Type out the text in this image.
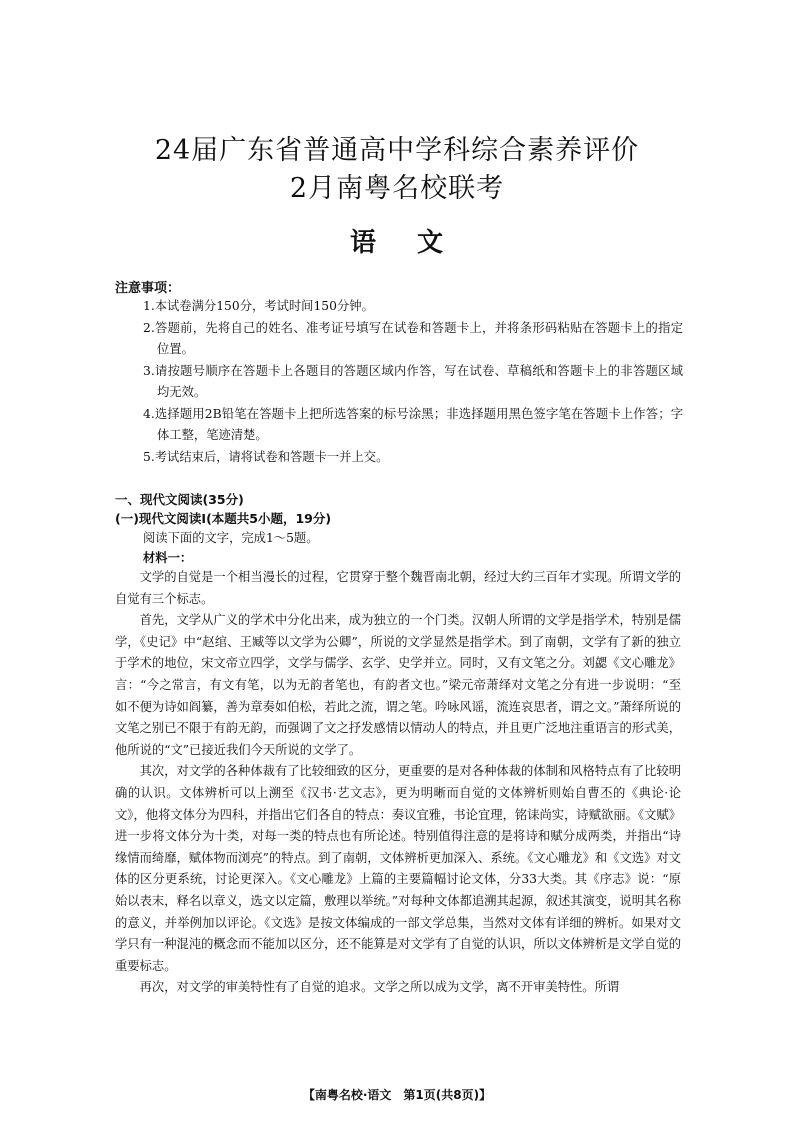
24届广东省普通高中学科综合素养评价
2月南粤名校联考
语 文
注意事项：

1.本试卷满分150分，考试时间150分钟。

2.答题前，先将自己的姓名、准考证号填写在试卷和答题卡上，并将条形码粘贴在答题卡上的指定位置。

3.请按题号顺序在答题卡上各题目的答题区域内作答，写在试卷、草稿纸和答题卡上的非答题区域均无效。

4.选择题用2B铅笔在答题卡上把所选答案的标号涂黑；非选择题用黑色签字笔在答题卡上作答；字体工整，笔迹清楚。

5.考试结束后，请将试卷和答题卡一并上交。

一、现代文阅读(35分)
(一)现代文阅读Ⅰ(本题共5小题，19分)
阅读下面的文字，完成1～5题。
材料一：

文学的自觉是一个相当漫长的过程，它贯穿于整个魏晋南北朝，经过大约三百年才实现。所谓文学的自觉有三个标志。

首先，文学从广义的学术中分化出来，成为独立的一个门类。汉朝人所谓的文学是指学术，特别是儒学，《史记》中“赵绾、王臧等以文学为公卿”，所说的文学显然是指学术。到了南朝，文学有了新的独立于学术的地位，宋文帝立四学，文学与儒学、玄学、史学并立。同时，又有文笔之分。刘勰《文心雕龙》言：“今之常言，有文有笔，以为无韵者笔也，有韵者文也。”梁元帝萧绎对文笔之分有进一步说明：“至如不便为诗如阎纂，善为章奏如伯松，若此之流，谓之笔。吟咏风谣，流连哀思者，谓之文。”萧绎所说的文笔之别已不限于有韵无韵，而强调了文之抒发感情以情动人的特点，并且更广泛地注重语言的形式美，他所说的“文”已接近我们今天所说的文学了。

其次，对文学的各种体裁有了比较细致的区分，更重要的是对各种体裁的体制和风格特点有了比较明确的认识。文体辨析可以上溯至《汉书·艺文志》，更为明晰而自觉的文体辨析则始自曹丕的《典论·论文》，他将文体分为四科，并指出它们各自的特点：奏议宜雅，书论宜理，铭诔尚实，诗赋欲丽。《文赋》进一步将文体分为十类，对每一类的特点也有所论述。特别值得注意的是将诗和赋分成两类，并指出“诗缘情而绮靡，赋体物而浏亮”的特点。到了南朝，文体辨析更加深入、系统。《文心雕龙》和《文选》对文体的区分更系统，讨论更深入。《文心雕龙》上篇的主要篇幅讨论文体，分33大类。其《序志》说：“原始以表末，释名以章义，选文以定篇，敷理以举统。”对每种文体都追溯其起源，叙述其演变，说明其名称的意义，并举例加以评论。《文选》是按文体编成的一部文学总集，当然对文体有详细的辨析。如果对文学只有一种混沌的概念而不能加以区分，还不能算是对文学有了自觉的认识，所以文体辨析是文学自觉的重要标志。

再次，对文学的审美特性有了自觉的追求。文学之所以成为文学，离不开审美特性。所谓

【南粤名校·语文　第1页(共8页)】
